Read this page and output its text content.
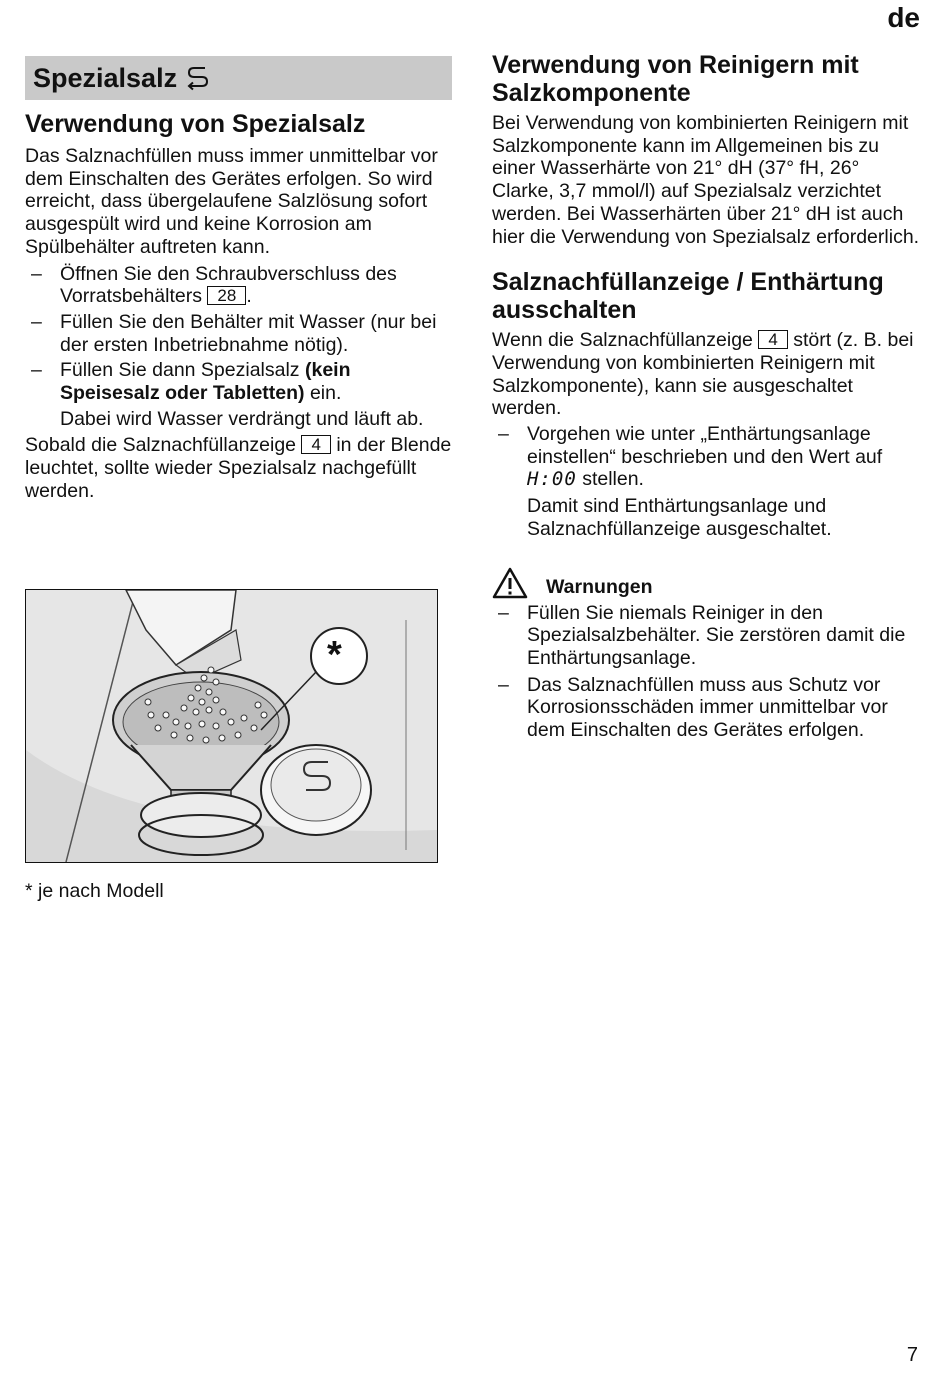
de
Spezialsalz
Verwendung von Spezialsalz

Das Salznachfüllen muss immer unmittelbar vor dem Einschalten des Gerätes erfolgen. So wird erreicht, dass übergelaufene Salzlösung sofort ausgespült wird und keine Korrosion am Spülbehälter auftreten kann.

– Öffnen Sie den Schraubverschluss des Vorratsbehälters 28 .
– Füllen Sie den Behälter mit Wasser (nur bei der ersten Inbetriebnahme nötig).
– Füllen Sie dann Spezialsalz (kein Speisesalz oder Tabletten) ein.

Dabei wird Wasser verdrängt und läuft ab.

Sobald die Salznachfüllanzeige 4 in der Blende leuchtet, sollte wieder Spezialsalz nachgefüllt werden.

*
* je nach Modell
Verwendung von Reinigern mit Salzkomponente

Bei Verwendung von kombinierten Reinigern mit Salzkomponente kann im Allgemeinen bis zu einer Wasserhärte von 21° dH (37° fH, 26° Clarke, 3,7 mmol/l) auf Spezialsalz verzichtet werden. Bei Wasserhärten über 21° dH ist auch hier die Verwendung von Spezialsalz erforderlich.

Salznachfüllanzeige / Enthärtung ausschalten

Wenn die Salznachfüllanzeige 4 stört (z. B. bei Verwendung von kombinierten Reinigern mit Salzkomponente), kann sie ausgeschaltet werden.

– Vorgehen wie unter „Enthärtungsanlage einstellen“ beschrieben und den Wert auf H:00 stellen.

Damit sind Enthärtungsanlage und Salznachfüllanzeige ausgeschaltet.

Warnungen
– Füllen Sie niemals Reiniger in den Spezialsalzbehälter. Sie zerstören damit die Enthärtungsanlage.
– Das Salznachfüllen muss aus Schutz vor Korrosionsschäden immer unmittelbar vor dem Einschalten des Gerätes erfolgen.
7
